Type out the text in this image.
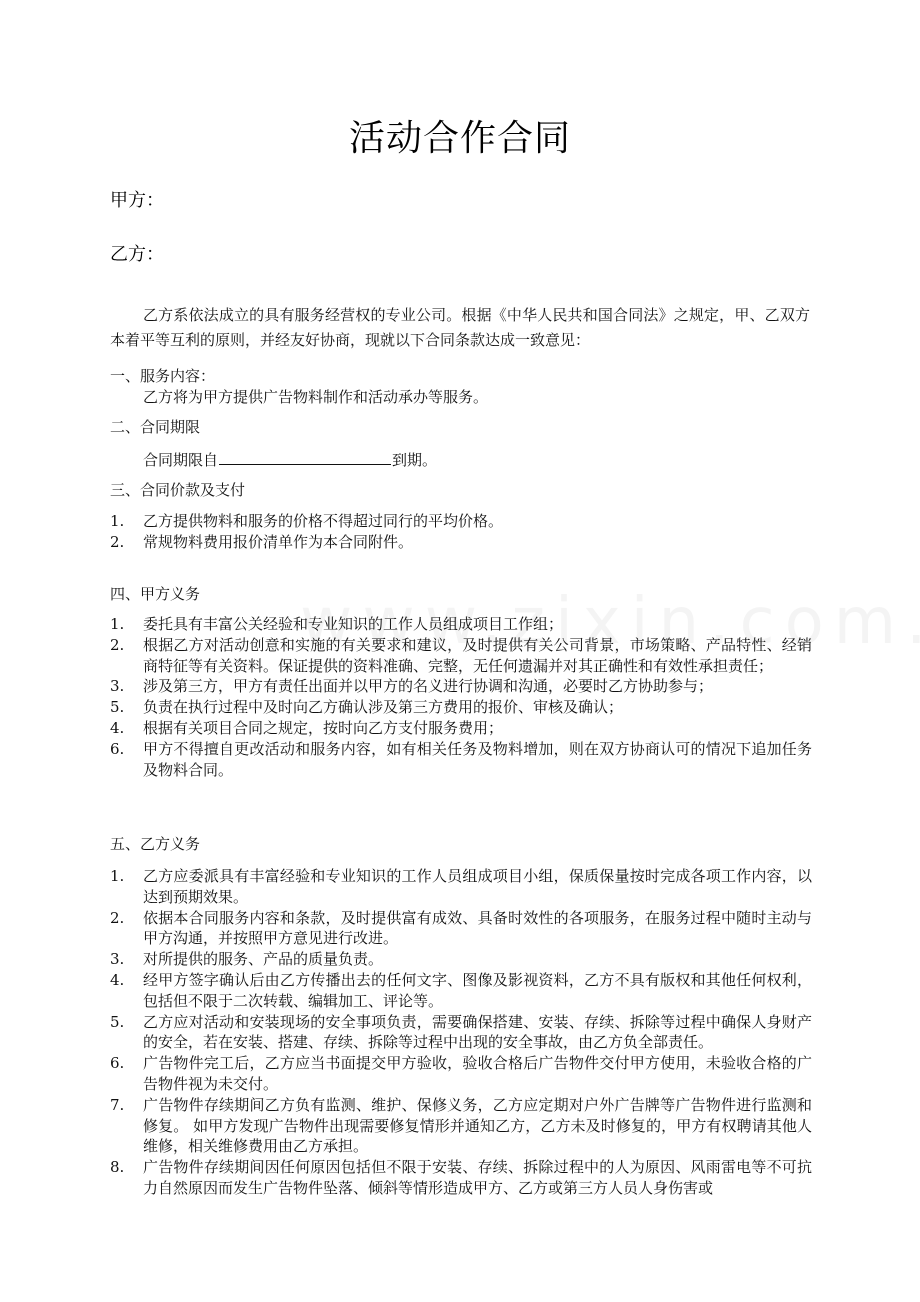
活动合作合同
甲方：
乙方：
乙方系依法成立的具有服务经营权的专业公司。根据《中华人民共和国合同法》之规定，甲、乙双方本着平等互利的原则，并经友好协商，现就以下合同条款达成一致意见：
一、服务内容：
乙方将为甲方提供广告物料制作和活动承办等服务。
二、合同期限
合同期限自	到期。
三、合同价款及支付
1.	乙方提供物料和服务的价格不得超过同行的平均价格。
2.	常规物料费用报价清单作为本合同附件。
四、甲方义务
1.	委托具有丰富公关经验和专业知识的工作人员组成项目工作组；
2.	根据乙方对活动创意和实施的有关要求和建议，及时提供有关公司背景，市场策略、产品特性、经销商特征等有关资料。保证提供的资料准确、完整，无任何遗漏并对其正确性和有效性承担责任；
3.	涉及第三方，甲方有责任出面并以甲方的名义进行协调和沟通，必要时乙方协助参与；
5.	负责在执行过程中及时向乙方确认涉及第三方费用的报价、审核及确认；
4.	根据有关项目合同之规定，按时向乙方支付服务费用；
6.	甲方不得擅自更改活动和服务内容，如有相关任务及物料增加，则在双方协商认可的情况下追加任务及物料合同。
五、乙方义务
1.	乙方应委派具有丰富经验和专业知识的工作人员组成项目小组，保质保量按时完成各项工作内容，以达到预期效果。
2.	依据本合同服务内容和条款，及时提供富有成效、具备时效性的各项服务，在服务过程中随时主动与甲方沟通，并按照甲方意见进行改进。
3.	对所提供的服务、产品的质量负责。
4.	经甲方签字确认后由乙方传播出去的任何文字、图像及影视资料，乙方不具有版权和其他任何权利，包括但不限于二次转载、编辑加工、评论等。
5.	乙方应对活动和安装现场的安全事项负责，需要确保搭建、安装、存续、拆除等过程中确保人身财产的安全，若在安装、搭建、存续、拆除等过程中出现的安全事故，由乙方负全部责任。
6.	广告物件完工后，乙方应当书面提交甲方验收，验收合格后广告物件交付甲方使用，未验收合格的广告物件视为未交付。
7.	广告物件存续期间乙方负有监测、维护、保修义务，乙方应定期对户外广告牌等广告物件进行监测和修复。 如甲方发现广告物件出现需要修复情形并通知乙方，乙方未及时修复的，甲方有权聘请其他人维修，相关维修费用由乙方承担。
8.	广告物件存续期间因任何原因包括但不限于安装、存续、拆除过程中的人为原因、风雨雷电等不可抗力自然原因而发生广告物件坠落、倾斜等情形造成甲方、乙方或第三方人员人身伤害或
